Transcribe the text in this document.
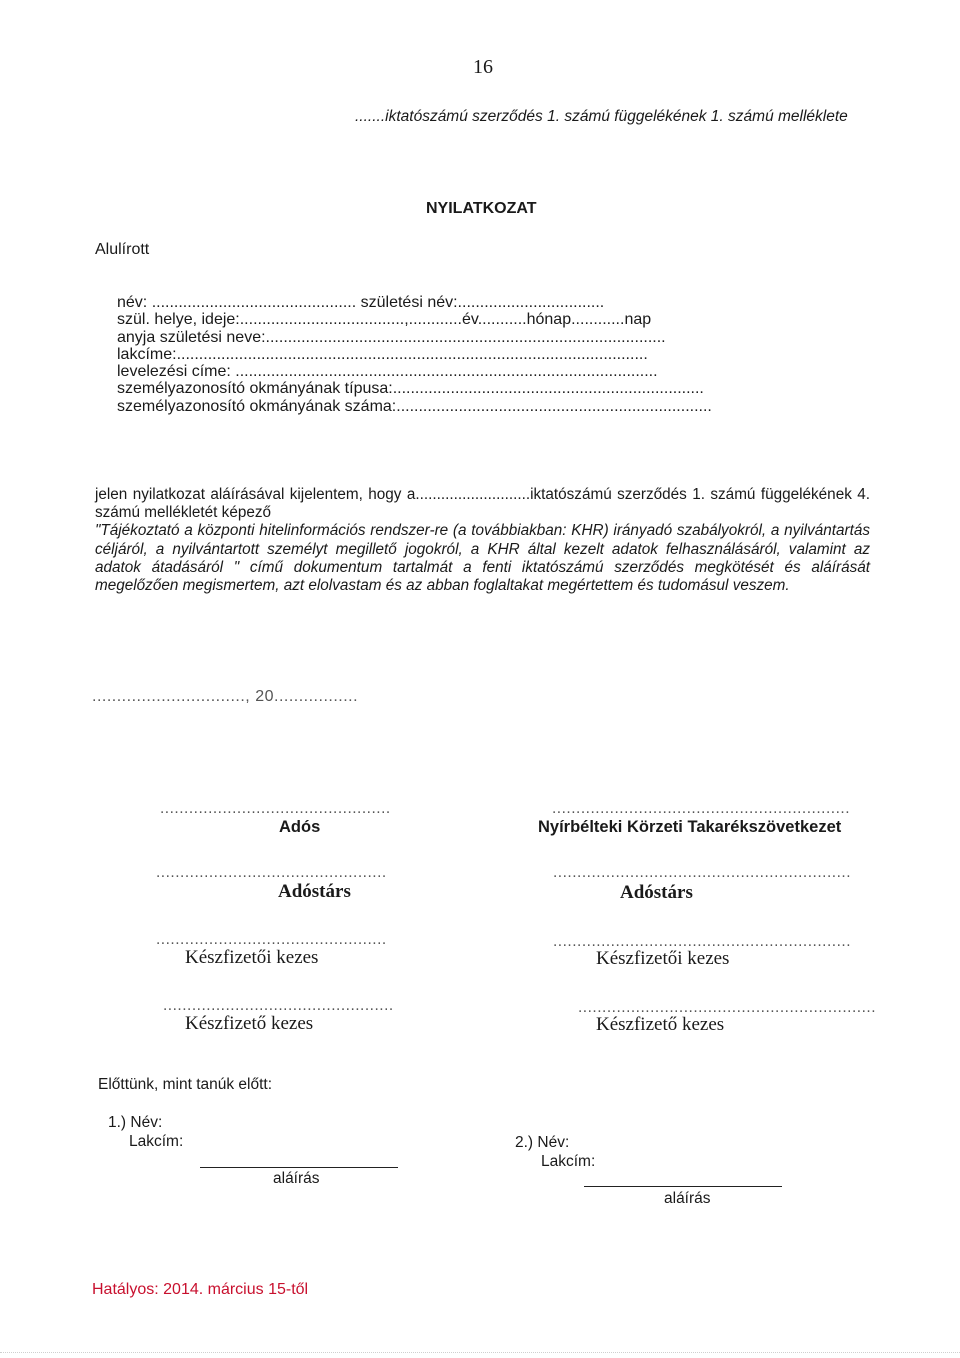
16
.......iktatószámú szerződés 1. számú függelékének 1. számú melléklete
NYILATKOZAT
Alulírott
név: .............................................. születési név:.................................
szül. helye, ideje:.....................................,............év...........hónap............nap
anyja születési neve:..........................................................................................
lakcíme:..........................................................................................................
levelezési címe: ...............................................................................................
személyazonosító okmányának típusa:......................................................................
személyazonosító okmányának száma:.......................................................................

jelen nyilatkozat aláírásával kijelentem, hogy a...........................iktatószámú szerződés 1. számú függelékének 4. számú mellékletét képező

"Tájékoztató a központi hitelinformációs rendszer-re (a továbbiakban: KHR) irányadó szabályokról, a nyilvántartás céljáról, a nyilvántartott személyt megillető jogokról, a KHR által kezelt adatok felhasználásáról, valamint az adatok átadásáról " című dokumentum tartalmát a fenti iktatószámú szerződés megkötését és aláírását megelőzően megismertem, azt elolvastam és az abban foglaltakat megértettem és tudomásul veszem.

..............................., 20.................
................................................	..............................................................
Adós	Nyírbélteki Körzeti Takarékszövetkezet
................................................	..............................................................
Adóstárs	Adóstárs
................................................	..............................................................
Készfizetői kezes	Készfizetői kezes
................................................	..............................................................
Készfizető kezes	Készfizető kezes
Előttünk, mint tanúk előtt:
1.) Név:
Lakcím:
aláírás
2.) Név:
Lakcím:
aláírás
Hatályos: 2014. március 15-től
